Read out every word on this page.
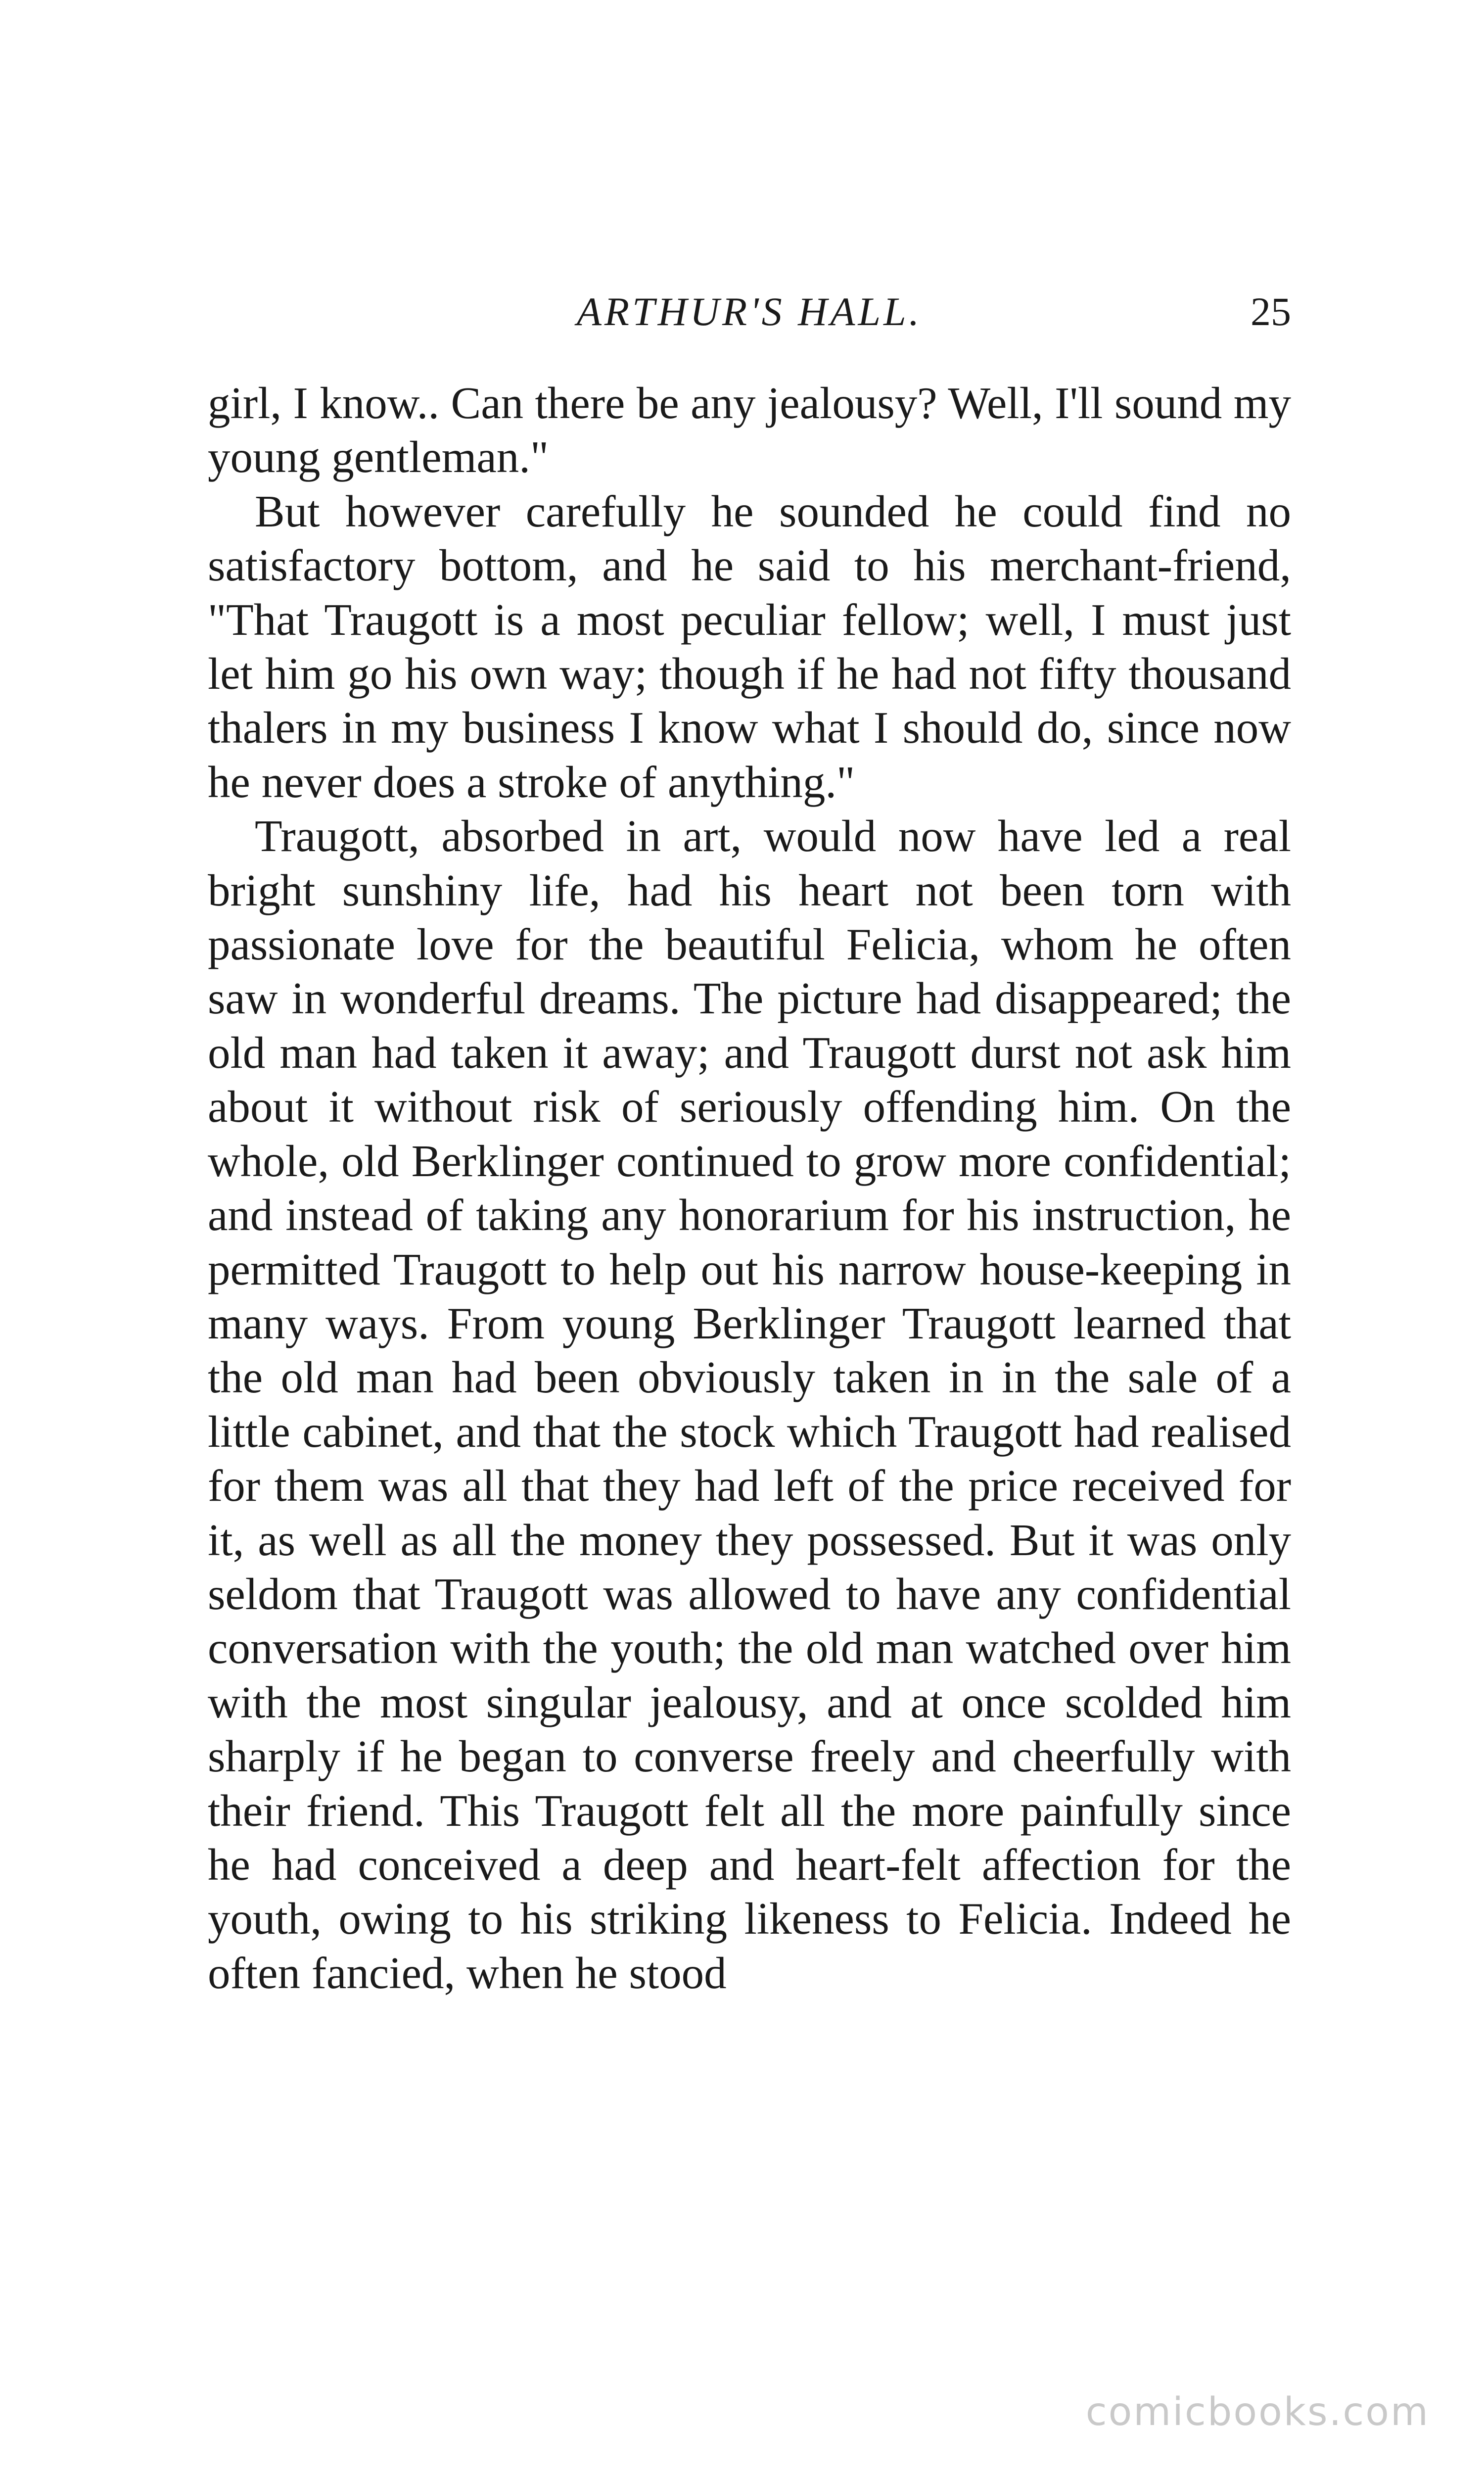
ARTHUR'S HALL.	25

girl, I know.. Can there be any jealousy? Well, I'll sound my young gentleman."

But however carefully he sounded he could find no satisfactory bottom, and he said to his merchant-friend, "That Traugott is a most peculiar fellow; well, I must just let him go his own way; though if he had not fifty thousand thalers in my business I know what I should do, since now he never does a stroke of anything."

Traugott, absorbed in art, would now have led a real bright sunshiny life, had his heart not been torn with passionate love for the beautiful Felicia, whom he often saw in wonderful dreams. The picture had disappeared; the old man had taken it away; and Traugott durst not ask him about it without risk of seriously offending him. On the whole, old Berklinger continued to grow more confidential; and instead of taking any honorarium for his instruction, he permitted Traugott to help out his narrow house-keeping in many ways. From young Berklinger Traugott learned that the old man had been obviously taken in in the sale of a little cabinet, and that the stock which Traugott had realised for them was all that they had left of the price received for it, as well as all the money they possessed. But it was only seldom that Traugott was allowed to have any confidential conversation with the youth; the old man watched over him with the most singular jealousy, and at once scolded him sharply if he began to converse freely and cheerfully with their friend. This Traugott felt all the more painfully since he had conceived a deep and heart-felt affection for the youth, owing to his striking likeness to Felicia. Indeed he often fancied, when he stood

comicbooks.com
